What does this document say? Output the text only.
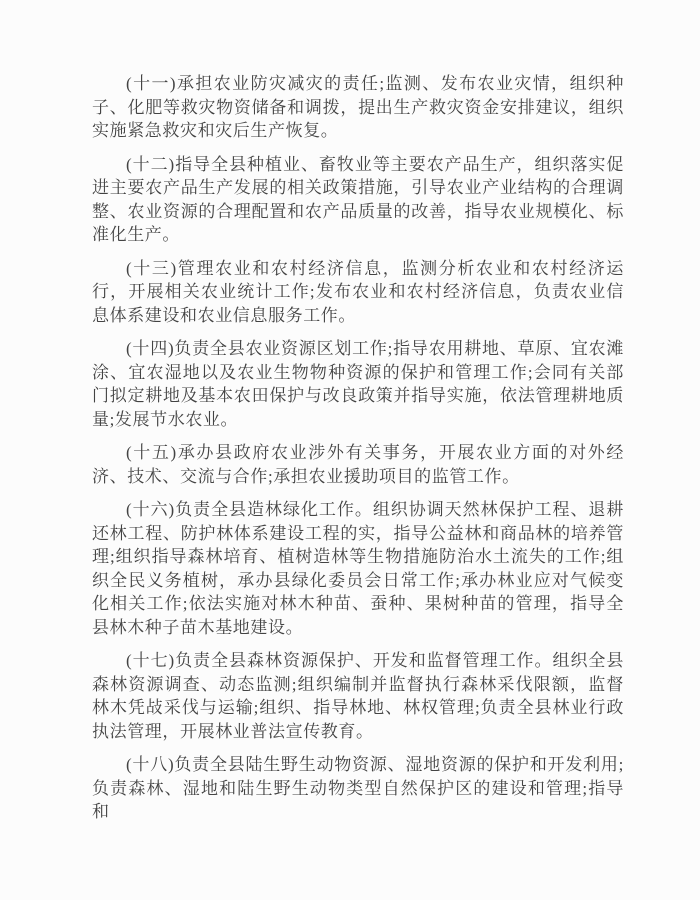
(十一)承担农业防灾减灾的责任;监测、发布农业灾情，组织种子、化肥等救灾物资储备和调拨，提出生产救灾资金安排建议，组织实施紧急救灾和灾后生产恢复。

(十二)指导全县种植业、畜牧业等主要农产品生产，组织落实促进主要农产品生产发展的相关政策措施，引导农业产业结构的合理调整、农业资源的合理配置和农产品质量的改善，指导农业规模化、标准化生产。

(十三)管理农业和农村经济信息，监测分析农业和农村经济运行，开展相关农业统计工作;发布农业和农村经济信息，负责农业信息体系建设和农业信息服务工作。

(十四)负责全县农业资源区划工作;指导农用耕地、草原、宜农滩涂、宜农湿地以及农业生物物种资源的保护和管理工作;会同有关部门拟定耕地及基本农田保护与改良政策并指导实施，依法管理耕地质量;发展节水农业。

(十五)承办县政府农业涉外有关事务，开展农业方面的对外经济、技术、交流与合作;承担农业援助项目的监管工作。

(十六)负责全县造林绿化工作。组织协调天然林保护工程、退耕还林工程、防护林体系建设工程的实，指导公益林和商品林的培养管理;组织指导森林培育、植树造林等生物措施防治水土流失的工作;组织全民义务植树，承办县绿化委员会日常工作;承办林业应对气候变化相关工作;依法实施对林木种苗、蚕种、果树种苗的管理，指导全县林木种子苗木基地建设。

(十七)负责全县森林资源保护、开发和监督管理工作。组织全县森林资源调查、动态监测;组织编制并监督执行森林采伐限额，监督林木凭敁采伐与运输;组织、指导林地、林权管理;负责全县林业行政执法管理，开展林业普法宣传教育。

(十八)负责全县陆生野生动物资源、湿地资源的保护和开发利用;负责森林、湿地和陆生野生动物类型自然保护区的建设和管理;指导和
